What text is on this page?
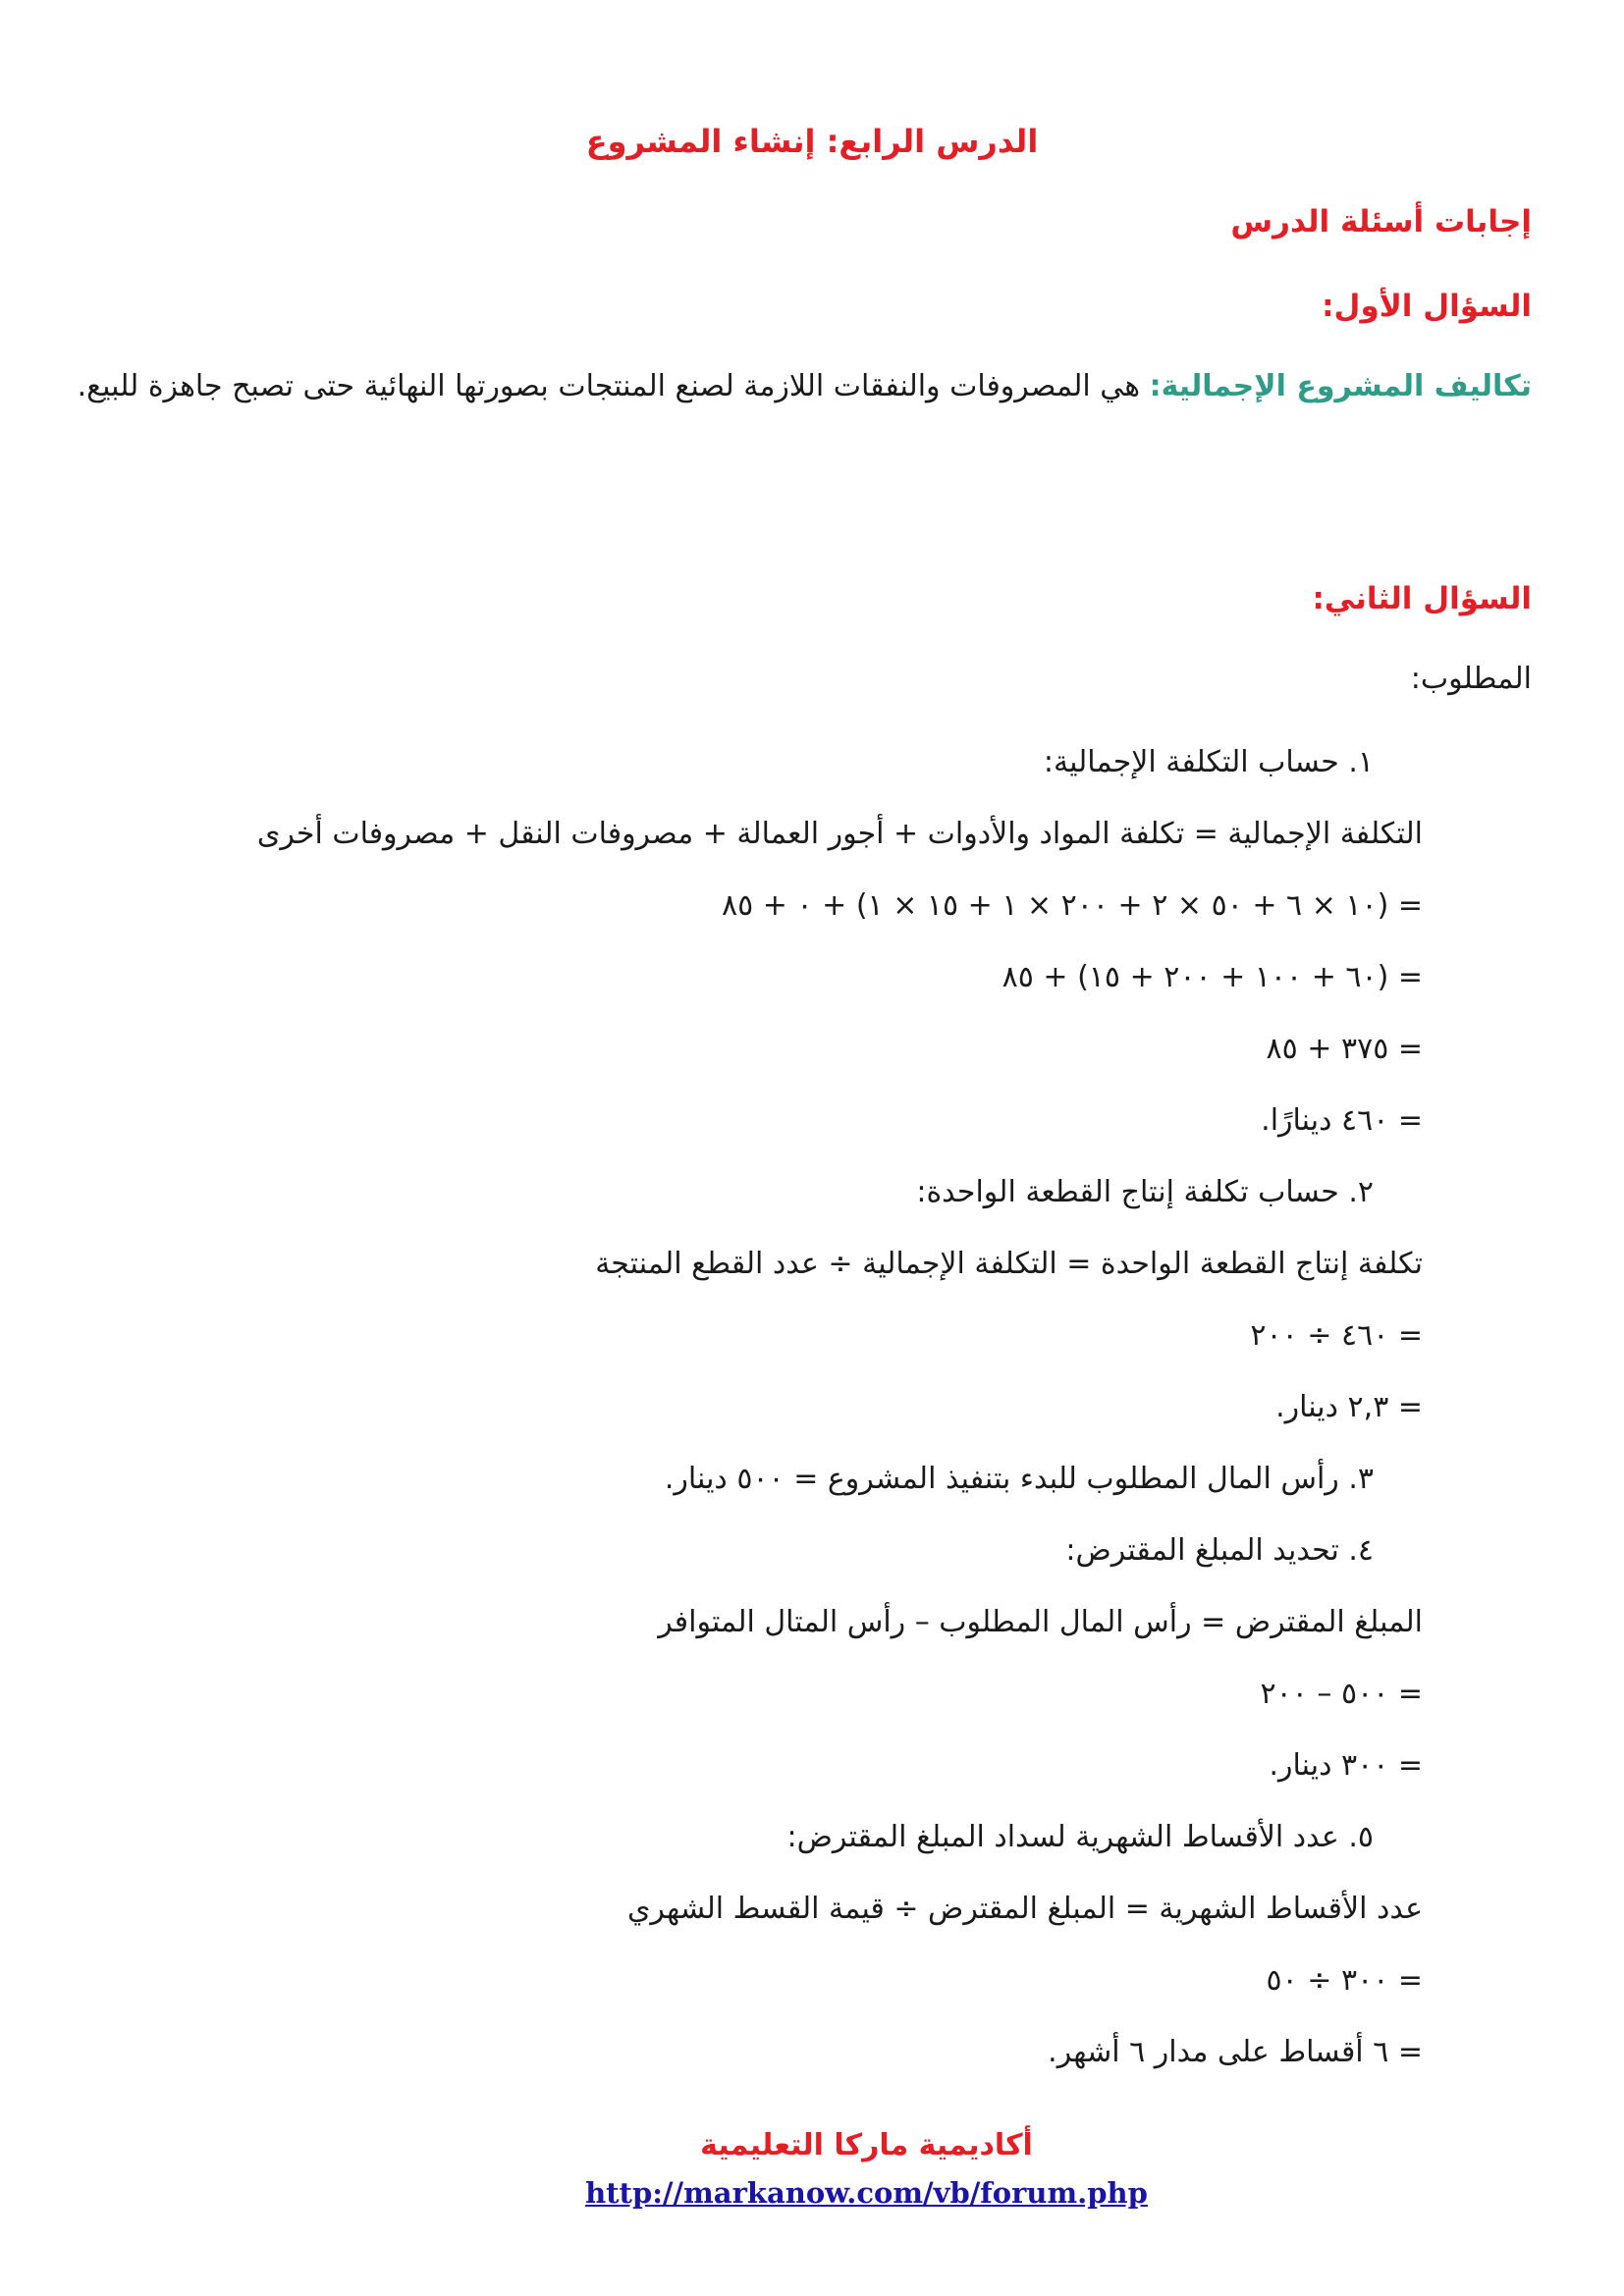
الدرس الرابع: إنشاء المشروع
إجابات أسئلة الدرس
السؤال الأول:
تكاليف المشروع الإجمالية: هي المصروفات والنفقات اللازمة لصنع المنتجات بصورتها النهائية حتى تصبح جاهزة للبيع.
السؤال الثاني:
المطلوب:
١. حساب التكلفة الإجمالية:
التكلفة الإجمالية = تكلفة المواد والأدوات + أجور العمالة + مصروفات النقل + مصروفات أخرى
= (١٠ × ٦ + ٥٠ × ٢ + ٢٠٠ × ١ + ١٥ × ١) + ٠ + ٨٥
= (٦٠ + ١٠٠ + ٢٠٠ + ١٥) + ٨٥
= ٣٧٥ + ٨٥
= ٤٦٠ دينارًا.
٢. حساب تكلفة إنتاج القطعة الواحدة:
تكلفة إنتاج القطعة الواحدة = التكلفة الإجمالية ÷ عدد القطع المنتجة
= ٤٦٠ ÷ ٢٠٠
= ٢,٣ دينار.
٣. رأس المال المطلوب للبدء بتنفيذ المشروع = ٥٠٠ دينار.
٤. تحديد المبلغ المقترض:
المبلغ المقترض = رأس المال المطلوب – رأس المتال المتوافر
= ٥٠٠ – ٢٠٠
= ٣٠٠ دينار.
٥. عدد الأقساط الشهرية لسداد المبلغ المقترض:
عدد الأقساط الشهرية = المبلغ المقترض ÷ قيمة القسط الشهري
= ٣٠٠ ÷ ٥٠
= ٦ أقساط على مدار ٦ أشهر.
أكاديمية ماركا التعليمية
http://markanow.com/vb/forum.php
